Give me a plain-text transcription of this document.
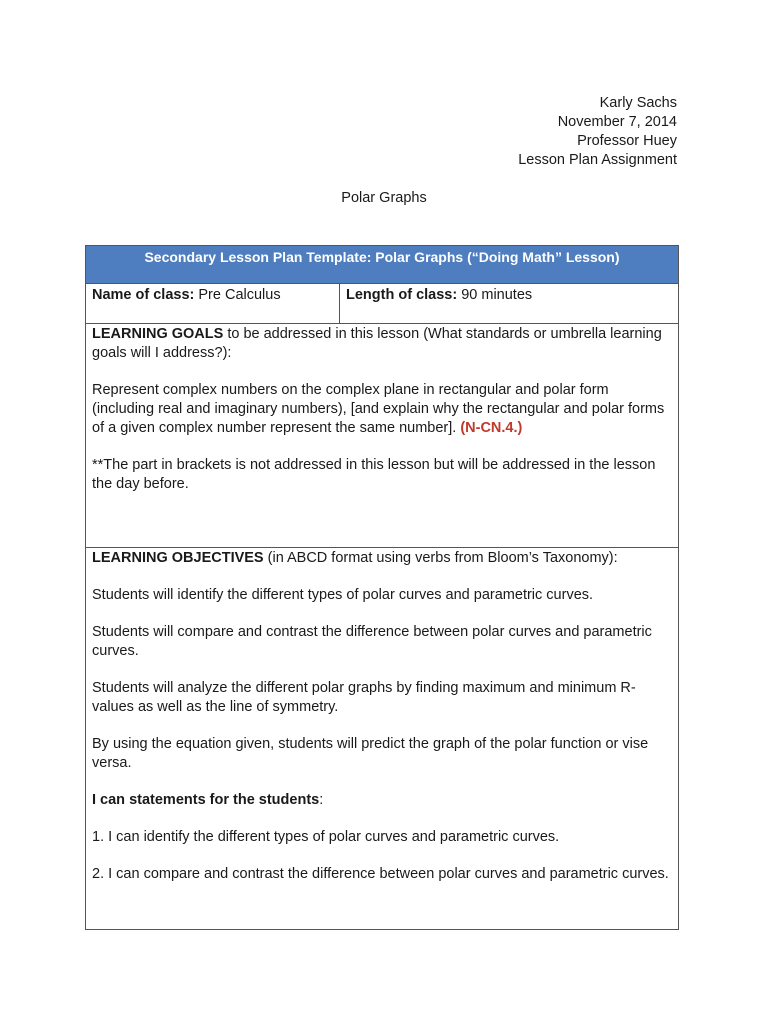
Karly Sachs
November 7, 2014
Professor Huey
Lesson Plan Assignment
Polar Graphs
Secondary Lesson Plan Template: Polar Graphs (“Doing Math” Lesson)
Name of class: Pre Calculus	Length of class: 90 minutes

LEARNING GOALS to be addressed in this lesson (What standards or umbrella learning goals will I address?):

Represent complex numbers on the complex plane in rectangular and polar form (including real and imaginary numbers), [and explain why the rectangular and polar forms of a given complex number represent the same number]. (N-CN.4.)

**The part in brackets is not addressed in this lesson but will be addressed in the lesson the day before.

LEARNING OBJECTIVES (in ABCD format using verbs from Bloom’s Taxonomy):

Students will identify the different types of polar curves and parametric curves.

Students will compare and contrast the difference between polar curves and parametric curves.

Students will analyze the different polar graphs by finding maximum and minimum R-values as well as the line of symmetry.

By using the equation given, students will predict the graph of the polar function or vise versa.

I can statements for the students:

1. I can identify the different types of polar curves and parametric curves.

2. I can compare and contrast the difference between polar curves and parametric curves.
